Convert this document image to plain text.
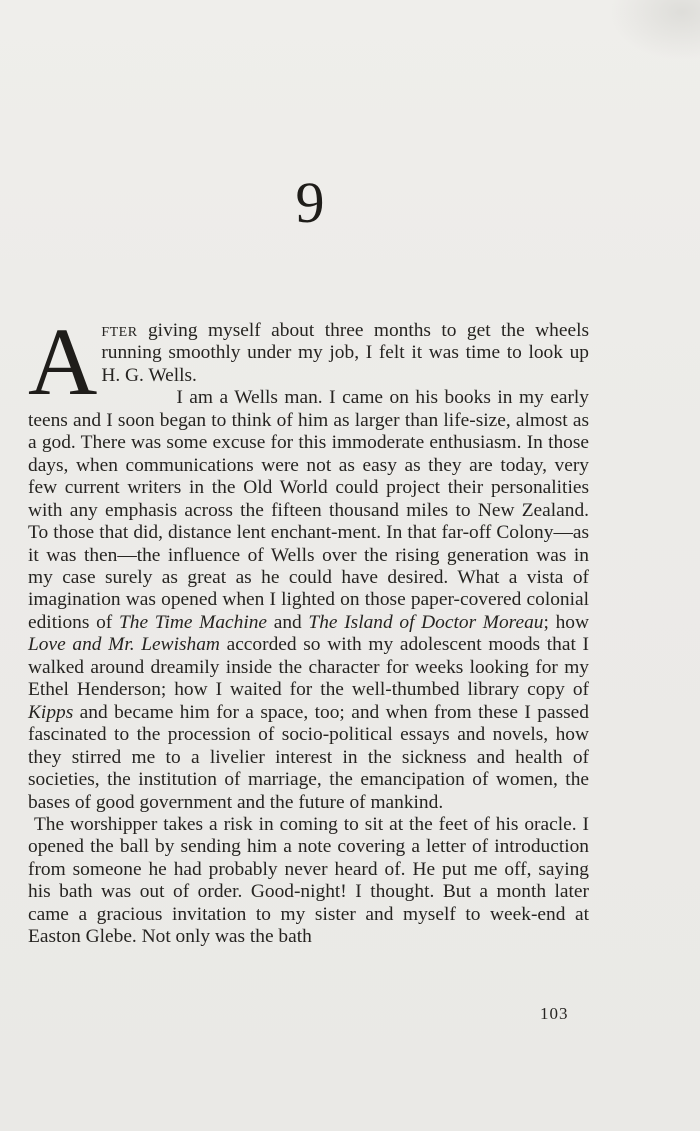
9

After giving myself about three months to get the wheels running smoothly under my job, I felt it was time to look up H. G. Wells.

I am a Wells man. I came on his books in my early teens and I soon began to think of him as larger than life-size, almost as a god. There was some excuse for this immoderate enthusiasm. In those days, when communications were not as easy as they are today, very few current writers in the Old World could project their personalities with any emphasis across the fifteen thousand miles to New Zealand. To those that did, distance lent enchant-ment. In that far-off Colony—as it was then—the influence of Wells over the rising generation was in my case surely as great as he could have desired. What a vista of imagination was opened when I lighted on those paper-covered colonial editions of The Time Machine and The Island of Doctor Moreau; how Love and Mr. Lewisham accorded so with my adolescent moods that I walked around dreamily inside the character for weeks looking for my Ethel Henderson; how I waited for the well-thumbed library copy of Kipps and became him for a space, too; and when from these I passed fascinated to the procession of socio-political essays and novels, how they stirred me to a livelier interest in the sickness and health of societies, the institution of marriage, the emancipation of women, the bases of good government and the future of mankind.

The worshipper takes a risk in coming to sit at the feet of his oracle. I opened the ball by sending him a note covering a letter of introduction from someone he had probably never heard of. He put me off, saying his bath was out of order. Good-night! I thought. But a month later came a gracious invitation to my sister and myself to week-end at Easton Glebe. Not only was the bath

103
